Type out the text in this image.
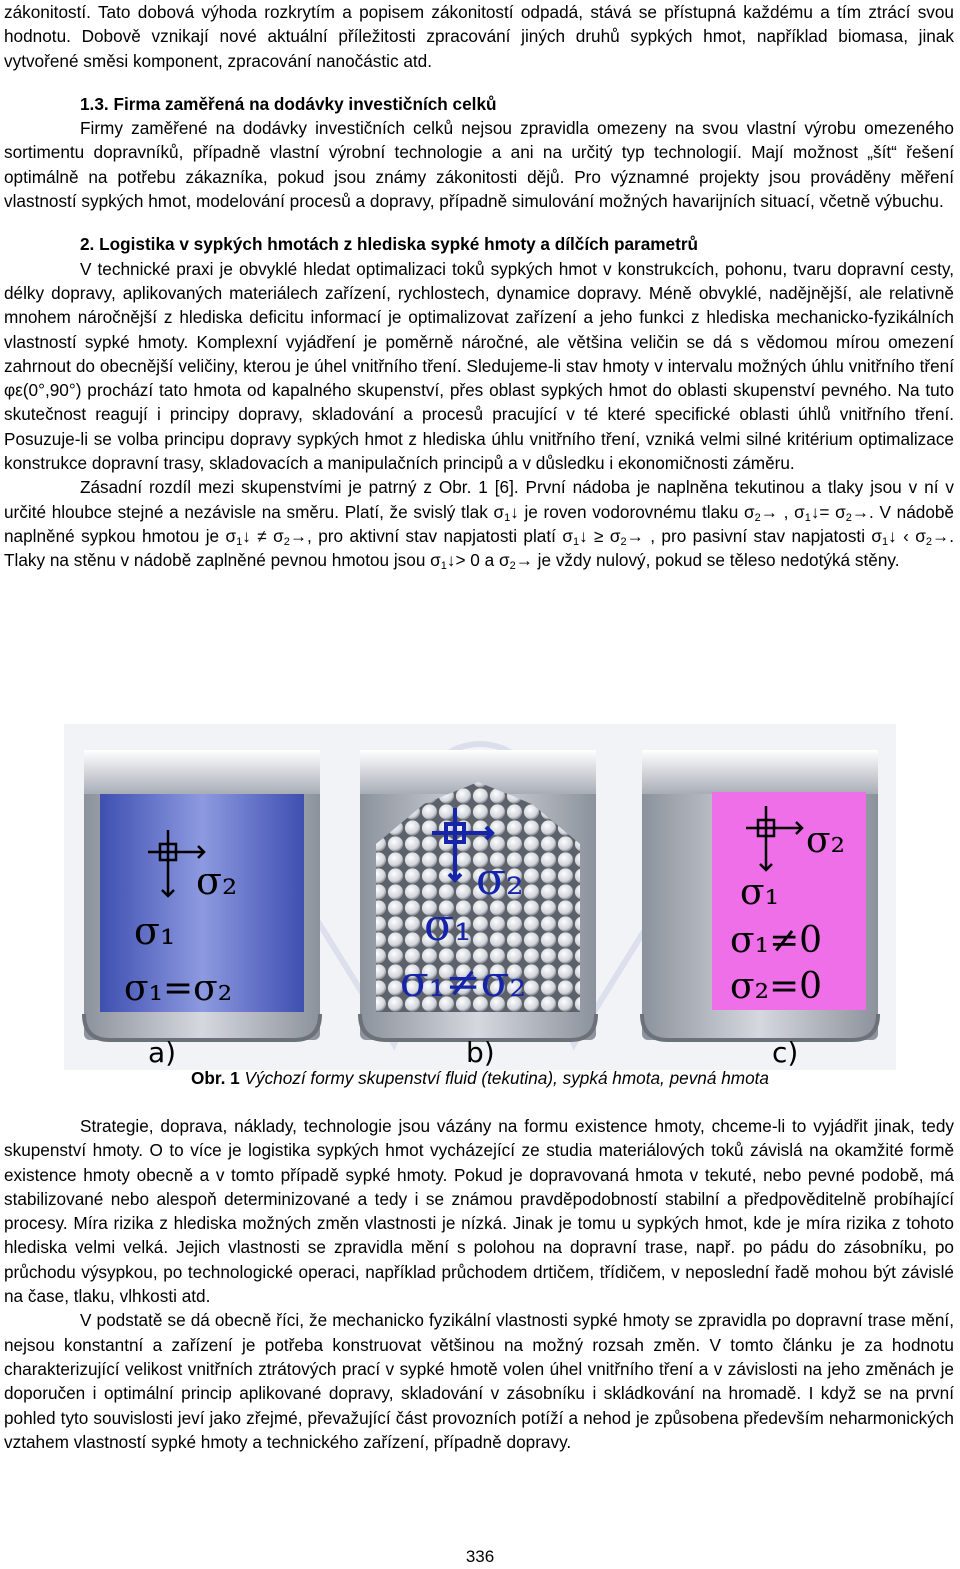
zákonitostí. Tato dobová výhoda rozkrytím a popisem zákonitostí odpadá, stává se přístupná každému a tím ztrácí svou hodnotu. Dobově vznikají nové aktuální příležitosti zpracování jiných druhů sypkých hmot, například biomasa, jinak vytvořené směsi komponent, zpracování nanočástic atd.

1.3. Firma zaměřená na dodávky investičních celků

Firmy zaměřené na dodávky investičních celků nejsou zpravidla omezeny na svou vlastní výrobu omezeného sortimentu dopravníků, případně vlastní výrobní technologie a ani na určitý typ technologií. Mají možnost „šít“ řešení optimálně na potřebu zákazníka, pokud jsou známy zákonitosti dějů. Pro významné projekty jsou prováděny měření vlastností sypkých hmot, modelování procesů a dopravy, případně simulování možných havarijních situací, včetně výbuchu.

2. Logistika v sypkých hmotách z hlediska sypké hmoty a dílčích parametrů

V technické praxi je obvyklé hledat optimalizaci toků sypkých hmot v konstrukcích, pohonu, tvaru dopravní cesty, délky dopravy, aplikovaných materiálech zařízení, rychlostech, dynamice dopravy. Méně obvyklé, nadějnější, ale relativně mnohem náročnější z hlediska deficitu informací je optimalizovat zařízení a jeho funkci z hlediska mechanicko-fyzikálních vlastností sypké hmoty. Komplexní vyjádření je poměrně náročné, ale většina veličin se dá s vědomou mírou omezení zahrnout do obecnější veličiny, kterou je úhel vnitřního tření. Sledujeme-li stav hmoty v intervalu možných úhlu vnitřního tření φε(0°,90°) prochází tato hmota od kapalného skupenství, přes oblast sypkých hmot do oblasti skupenství pevného. Na tuto skutečnost reagují i principy dopravy, skladování a procesů pracující v té které specifické oblasti úhlů vnitřního tření. Posuzuje-li se volba principu dopravy sypkých hmot z hlediska úhlu vnitřního tření, vzniká velmi silné kritérium optimalizace konstrukce dopravní trasy, skladovacích a manipulačních principů a v důsledku i ekonomičnosti záměru.

Zásadní rozdíl mezi skupenstvími je patrný z Obr. 1 [6]. První nádoba je naplněna tekutinou a tlaky jsou v ní v určité hloubce stejné a nezávisle na směru. Platí, že svislý tlak $\sigma_1↓$ je roven vodorovnému tlaku $\sigma_2\to$ , $\sigma_1↓= \sigma_2\to$. V nádobě naplněné sypkou hmotou je $\sigma_1↓ \ne \sigma_2\to$, pro aktivní stav napjatosti platí $\sigma_1↓ \ge \sigma_2\to$ , pro pasivní stav napjatosti $\sigma_1↓$ ‹ $\sigma_2\to$. Tlaky na stěnu v nádobě zaplněné pevnou hmotou jsou $\sigma_1↓> 0$ a $\sigma_2\to$ je vždy nulový, pokud se těleso nedotýká stěny.

σ₂
σ₁
σ₁=σ₂
σ₂
σ₁
σ₁≠σ₂
σ₂
σ₁
σ₁≠0
σ₂=0
a)	b)	c)
Obr. 1 Výchozí formy skupenství fluid (tekutina), sypká hmota, pevná hmota

Strategie, doprava, náklady, technologie jsou vázány na formu existence hmoty, chceme-li to vyjádřit jinak, tedy skupenství hmoty. O to více je logistika sypkých hmot vycházející ze studia materiálových toků závislá na okamžité formě existence hmoty obecně a v tomto případě sypké hmoty. Pokud je dopravovaná hmota v tekuté, nebo pevné podobě, má stabilizované nebo alespoň determinizované a tedy i se známou pravděpodobností stabilní a předpověditelně probíhající procesy. Míra rizika z hlediska možných změn vlastnosti je nízká. Jinak je tomu u sypkých hmot, kde je míra rizika z tohoto hlediska velmi velká. Jejich vlastnosti se zpravidla mění s polohou na dopravní trase, např. po pádu do zásobníku, po průchodu výsypkou, po technologické operaci, například průchodem drtičem, třídičem, v neposlední řadě mohou být závislé na čase, tlaku, vlhkosti atd.

V podstatě se dá obecně říci, že mechanicko fyzikální vlastnosti sypké hmoty se zpravidla po dopravní trase mění, nejsou konstantní a zařízení je potřeba konstruovat většinou na možný rozsah změn. V tomto článku je za hodnotu charakterizující velikost vnitřních ztrátových prací v sypké hmotě volen úhel vnitřního tření a v závislosti na jeho změnách je doporučen i optimální princip aplikované dopravy, skladování v zásobníku i skládkování na hromadě. I když se na první pohled tyto souvislosti jeví jako zřejmé, převažující část provozních potíží a nehod je způsobena především neharmonických vztahem vlastností sypké hmoty a technického zařízení, případně dopravy.

336
